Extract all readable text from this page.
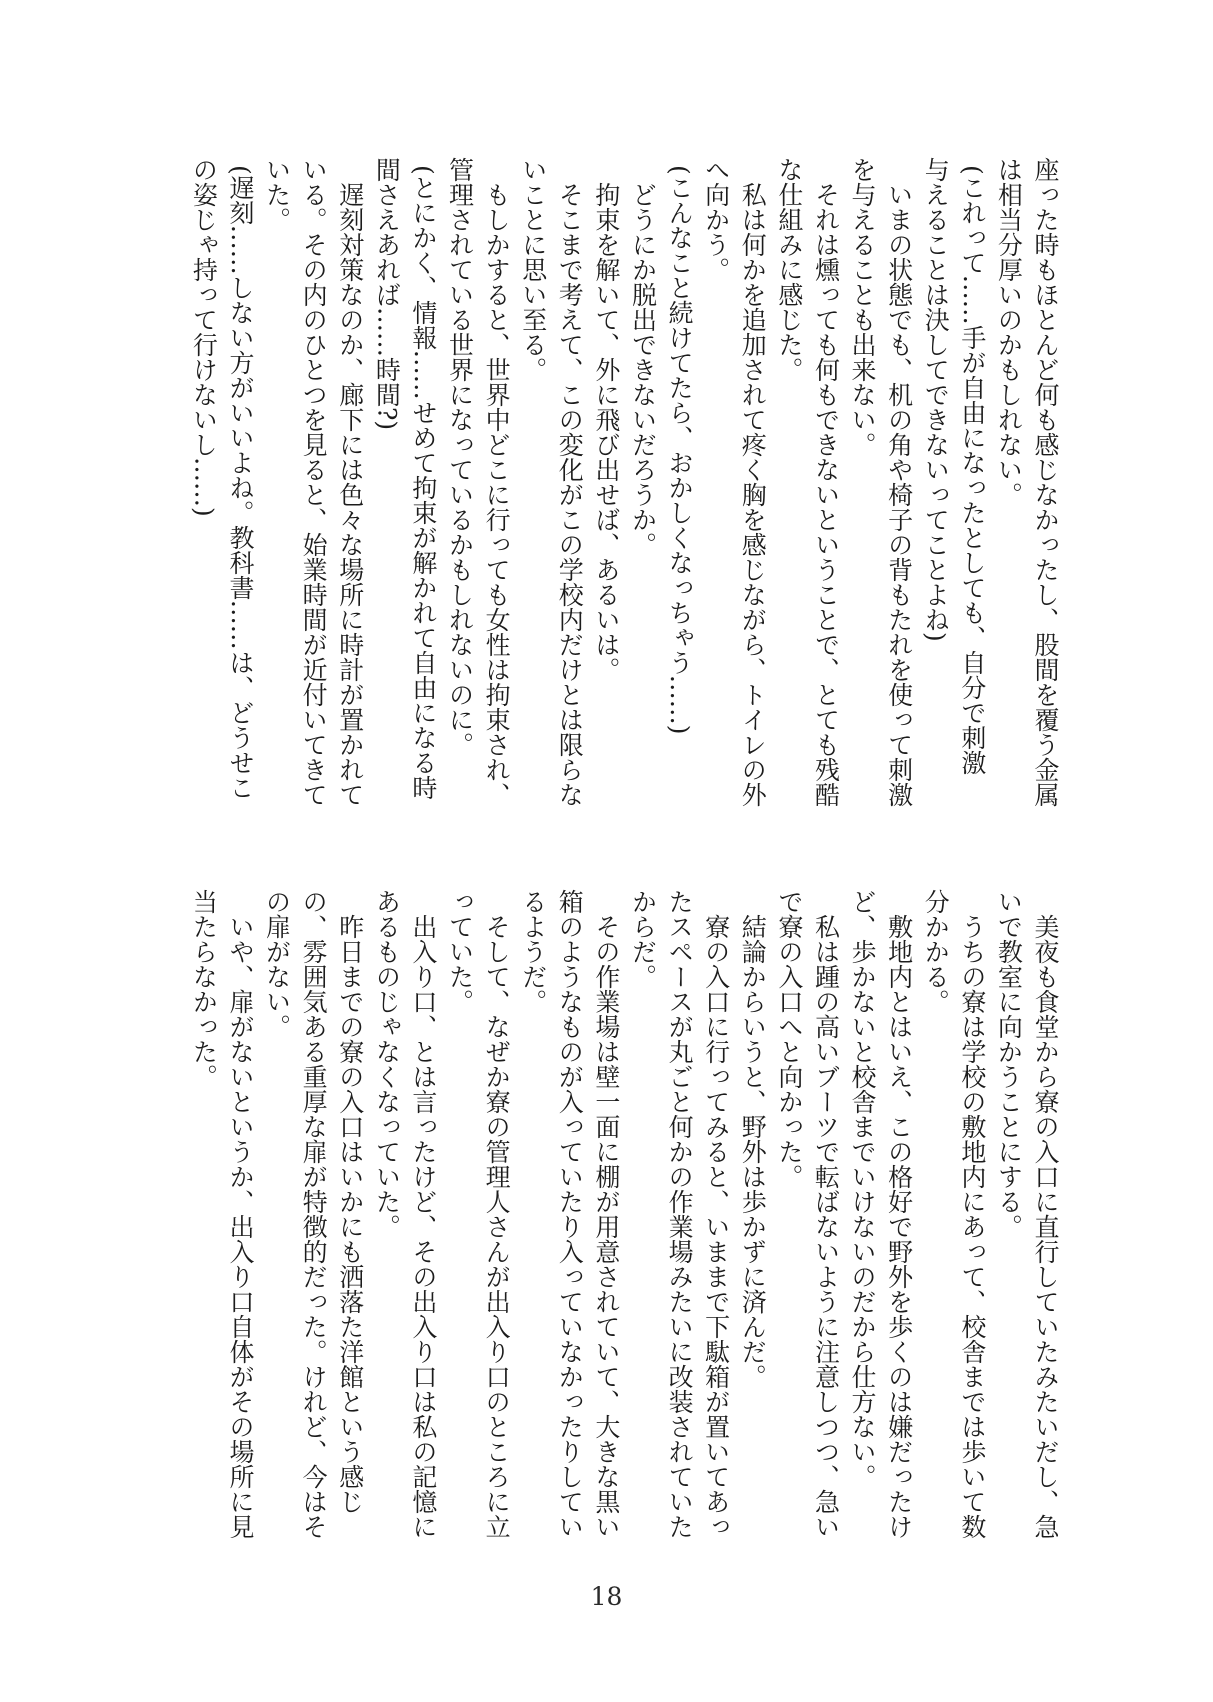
座った時もほとんど何も感じなかったし、股間を覆う金属

は相当分厚いのかもしれない。

(これって……手が自由になったとしても、自分で刺激

与えることは決してできないってことよね)

いまの状態でも、机の角や椅子の背もたれを使って刺激

を与えることも出来ない。

それは燻っても何もできないということで、とても残酷

な仕組みに感じた。

私は何かを追加されて疼く胸を感じながら、トイレの外

へ向かう。

(こんなこと続けてたら、おかしくなっちゃう……)

どうにか脱出できないだろうか。

拘束を解いて、外に飛び出せば、あるいは。

そこまで考えて、この変化がこの学校内だけとは限らな

いことに思い至る。

もしかすると、世界中どこに行っても女性は拘束され、

管理されている世界になっているかもしれないのに。

(とにかく、情報……せめて拘束が解かれて自由になる時

間さえあれば……時間?)

遅刻対策なのか、廊下には色々な場所に時計が置かれて

いる。その内のひとつを見ると、始業時間が近付いてきて

いた。

(遅刻……しない方がいいよね。教科書……は、どうせこ

の姿じゃ持って行けないし……)

美夜も食堂から寮の入口に直行していたみたいだし、急

いで教室に向かうことにする。

うちの寮は学校の敷地内にあって、校舎までは歩いて数

分かかる。

敷地内とはいえ、この格好で野外を歩くのは嫌だったけ

ど、歩かないと校舎までいけないのだから仕方ない。

私は踵の高いブーツで転ばないように注意しつつ、急い

で寮の入口へと向かった。

結論からいうと、野外は歩かずに済んだ。

寮の入口に行ってみると、いままで下駄箱が置いてあっ

たスペースが丸ごと何かの作業場みたいに改装されていた

からだ。

その作業場は壁一面に棚が用意されていて、大きな黒い

箱のようなものが入っていたり入っていなかったりしてい

るようだ。

そして、なぜか寮の管理人さんが出入り口のところに立

っていた。

出入り口、とは言ったけど、その出入り口は私の記憶に

あるものじゃなくなっていた。

昨日までの寮の入口はいかにも洒落た洋館という感じ

の、雰囲気ある重厚な扉が特徴的だった。けれど、今はそ

の扉がない。

いや、扉がないというか、出入り口自体がその場所に見

当たらなかった。

18
